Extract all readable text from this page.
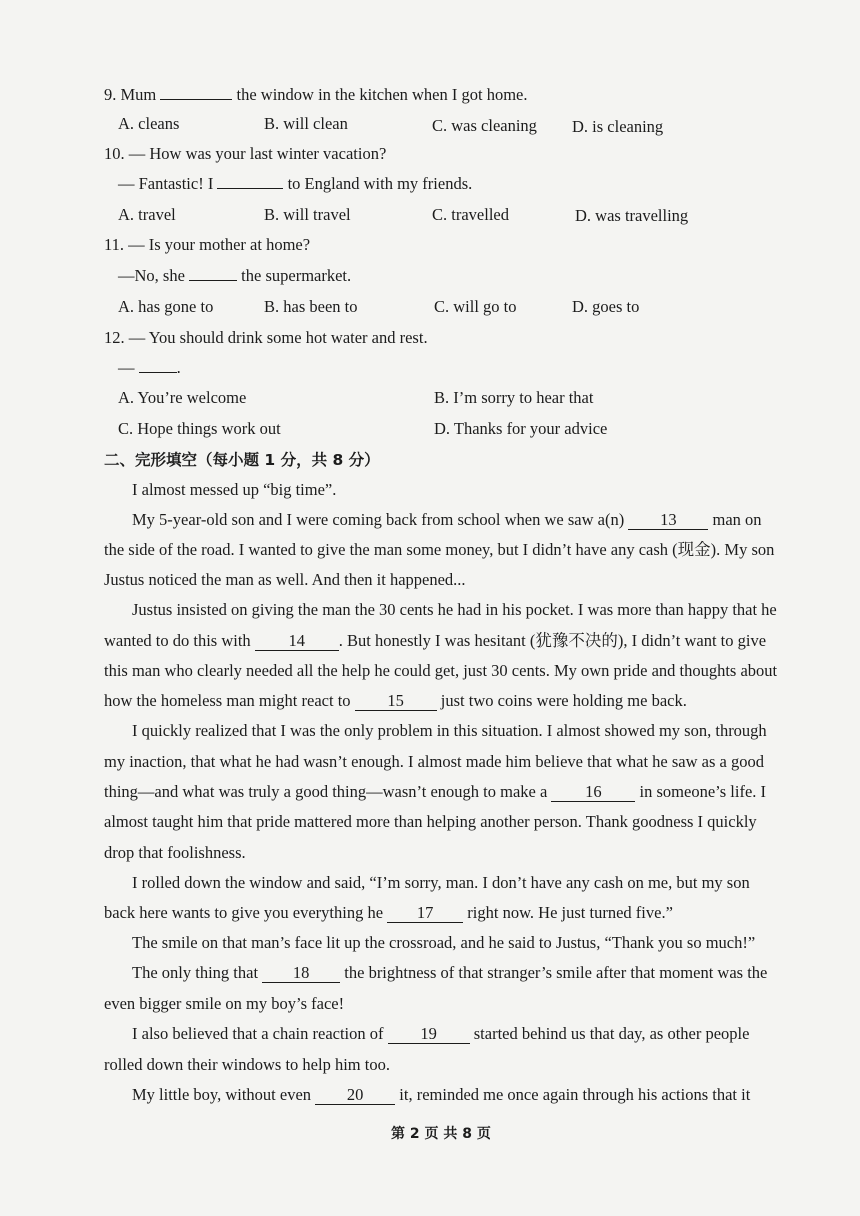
9. Mum	the window in the kitchen when I got home.
A. cleans	B. will clean	C. was cleaning D. is cleaning
10. — How was your last winter vacation?
— Fantastic! I	to England with my friends.
A. travel	B. will travel	C. travelled	D. was travelling
11. — Is your mother at home?
—No, she	the supermarket.
A. has gone to	B. has been to	C. will go to	D. goes to
12. — You should drink some hot water and rest.
— .
A. You’re welcome	B. I’m sorry to hear that
C. Hope things work out	D. Thanks for your advice
二、完形填空（每小题 1 分，共 8 分）
I almost messed up “big time”.
My 5-year-old son and I were coming back from school when we saw a(n) 13 man on
the side of the road. I wanted to give the man some money, but I didn’t have any cash (现金). My son
Justus noticed the man as well. And then it happened...
Justus insisted on giving the man the 30 cents he had in his pocket. I was more than happy that he
wanted to do this with 14 . But honestly I was hesitant (犹豫不决的), I didn’t want to give
this man who clearly needed all the help he could get, just 30 cents. My own pride and thoughts about
how the homeless man might react to 15 just two coins were holding me back.
I quickly realized that I was the only problem in this situation. I almost showed my son, through
my inaction, that what he had wasn’t enough. I almost made him believe that what he saw as a good
thing—and what was truly a good thing—wasn’t enough to make a 16 in someone’s life. I
almost taught him that pride mattered more than helping another person. Thank goodness I quickly
drop that foolishness.
I rolled down the window and said, “I’m sorry, man. I don’t have any cash on me, but my son
back here wants to give you everything he 17 right now. He just turned five.”
The smile on that man’s face lit up the crossroad, and he said to Justus, “Thank you so much!”
The only thing that 18 the brightness of that stranger’s smile after that moment was the
even bigger smile on my boy’s face!
I also believed that a chain reaction of 19 started behind us that day, as other people
rolled down their windows to help him too.
My little boy, without even 20 it, reminded me once again through his actions that it
第 2 页 共 8 页
